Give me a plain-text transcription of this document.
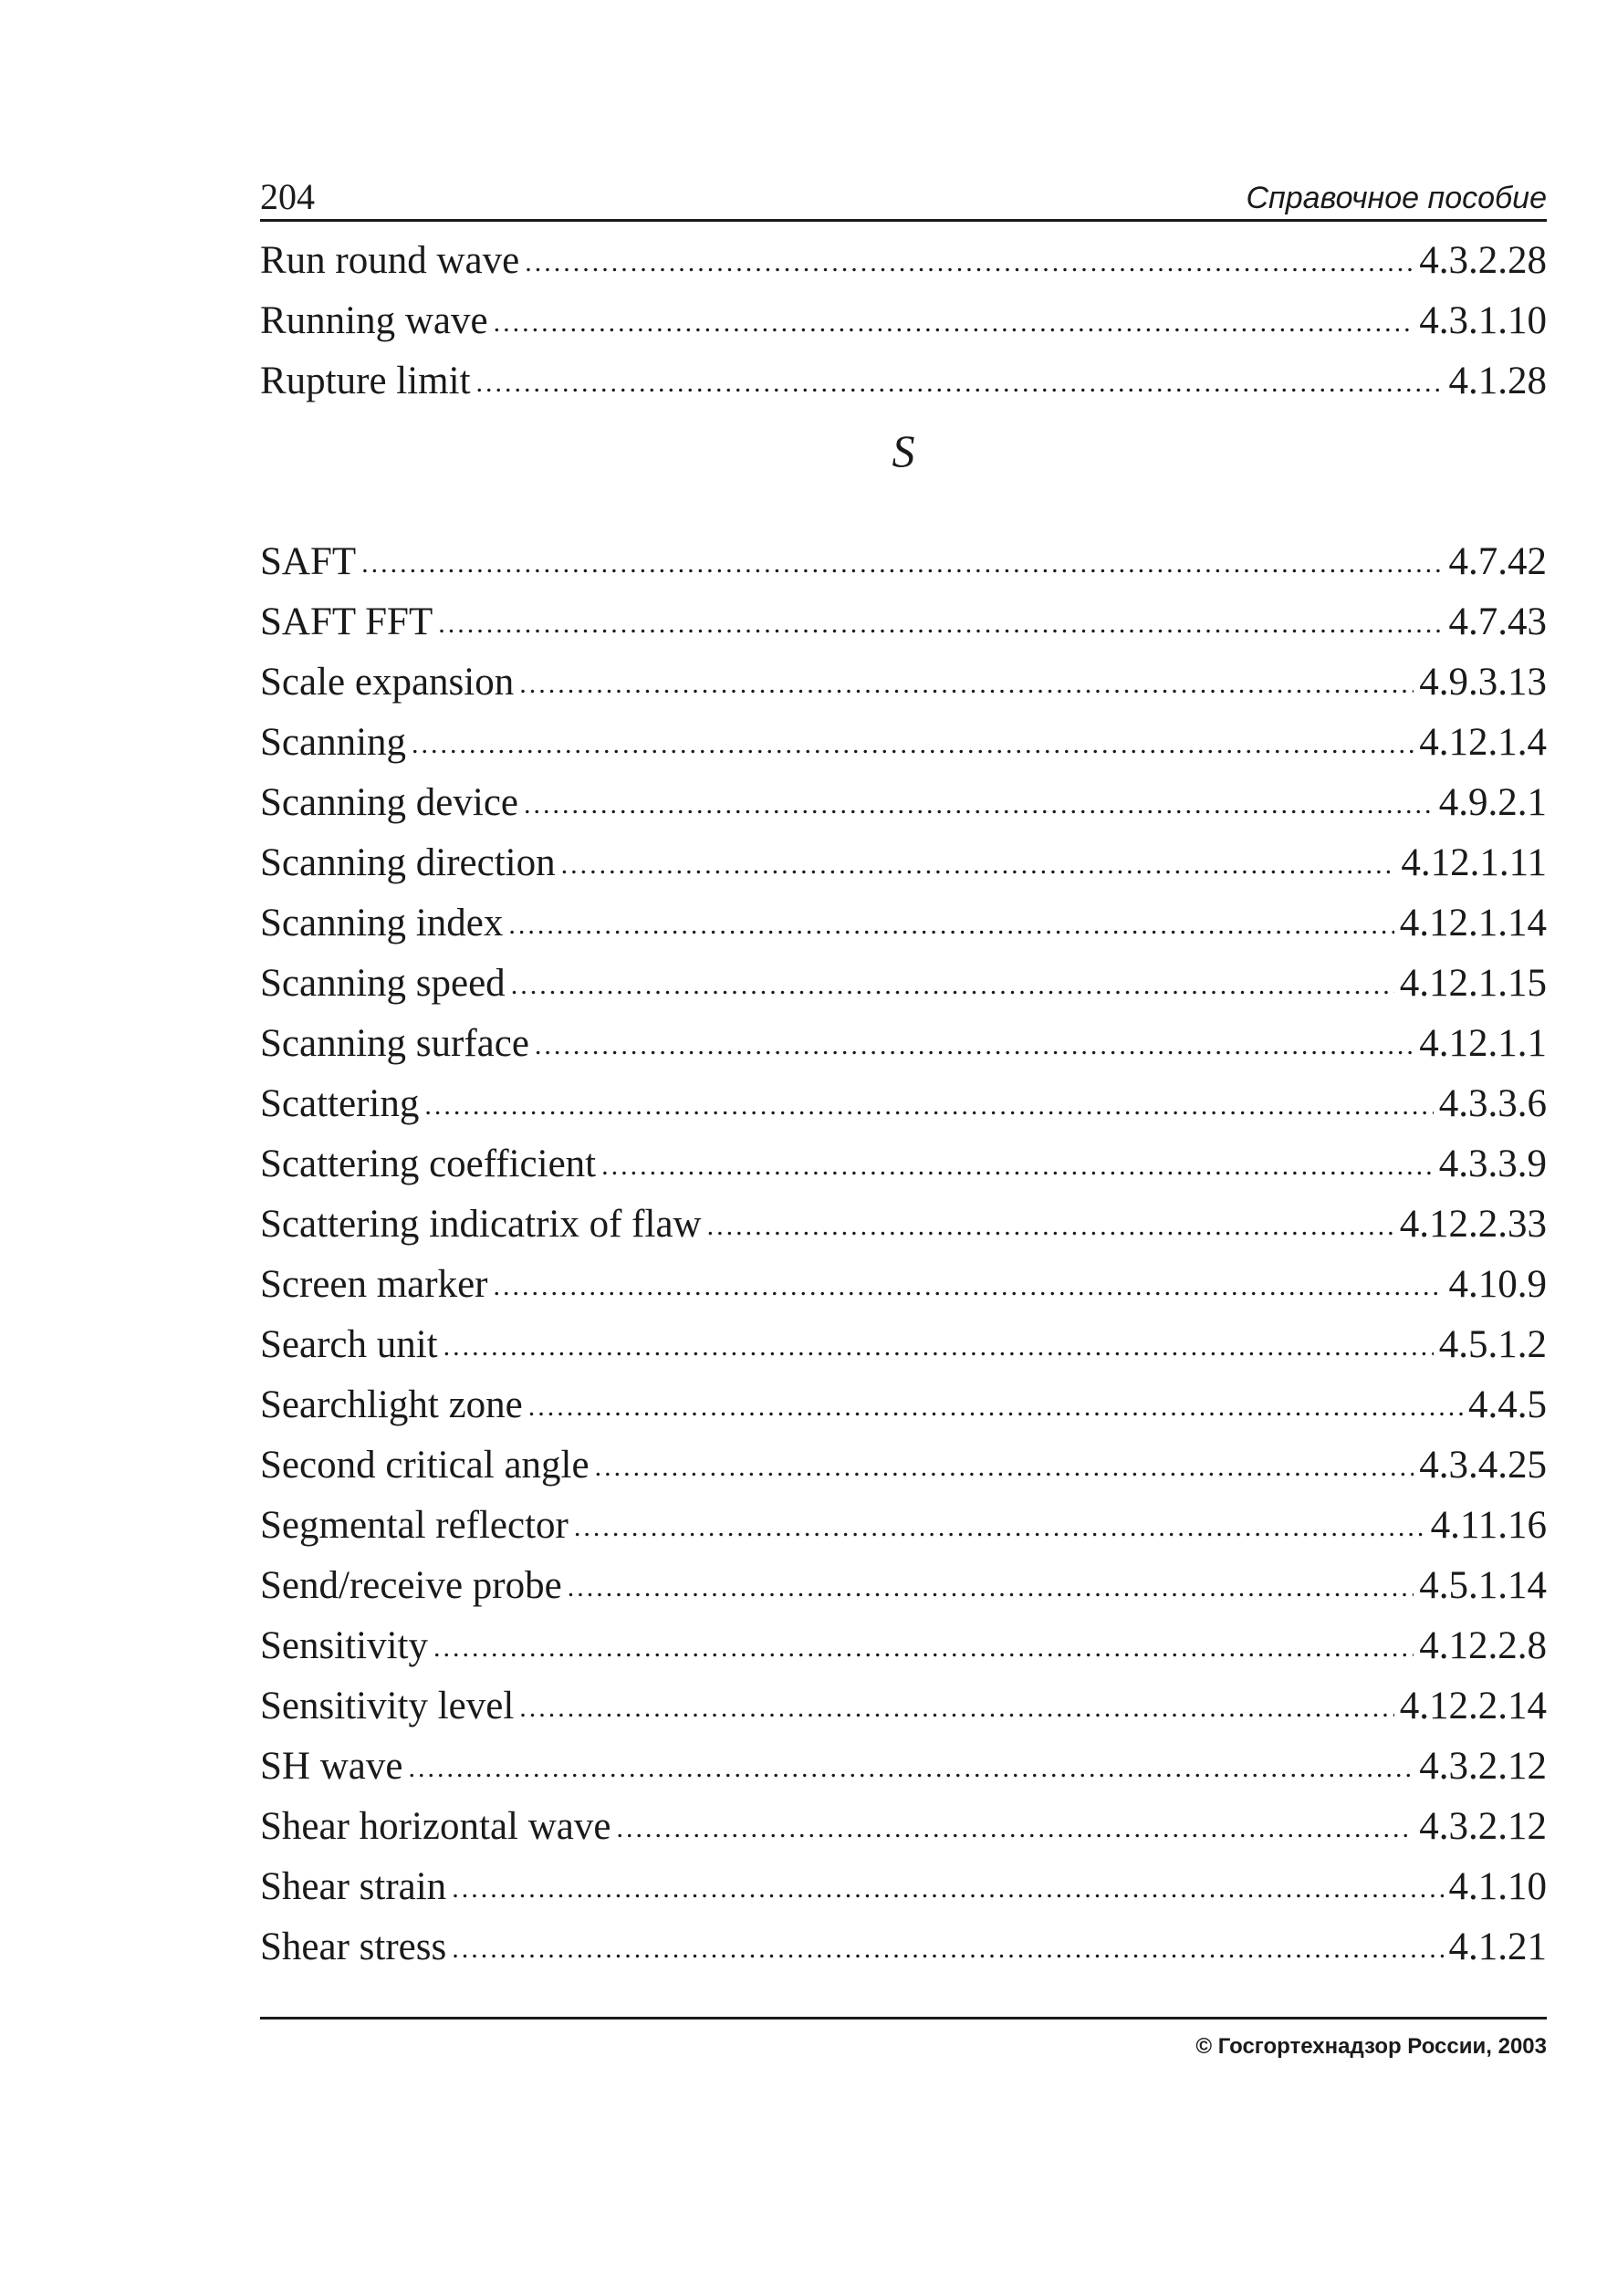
204	Справочное пособие
Run round wave .....	4.3.2.28
Running wave .....	4.3.1.10
Rupture limit .....	4.1.28
S
SAFT .....	4.7.42
SAFT FFT .....	4.7.43
Scale expansion .....	4.9.3.13
Scanning .....	4.12.1.4
Scanning device .....	4.9.2.1
Scanning direction .....	4.12.1.11
Scanning index .....	4.12.1.14
Scanning speed .....	4.12.1.15
Scanning surface .....	4.12.1.1
Scattering .....	4.3.3.6
Scattering coefficient .....	4.3.3.9
Scattering indicatrix of flaw .....	4.12.2.33
Screen marker .....	4.10.9
Search unit .....	4.5.1.2
Searchlight zone .....	4.4.5
Second critical angle .....	4.3.4.25
Segmental reflector .....	4.11.16
Send/receive probe .....	4.5.1.14
Sensitivity .....	4.12.2.8
Sensitivity level .....	4.12.2.14
SH wave .....	4.3.2.12
Shear horizontal wave .....	4.3.2.12
Shear strain .....	4.1.10
Shear stress .....	4.1.21
© Госгортехнадзор России, 2003
